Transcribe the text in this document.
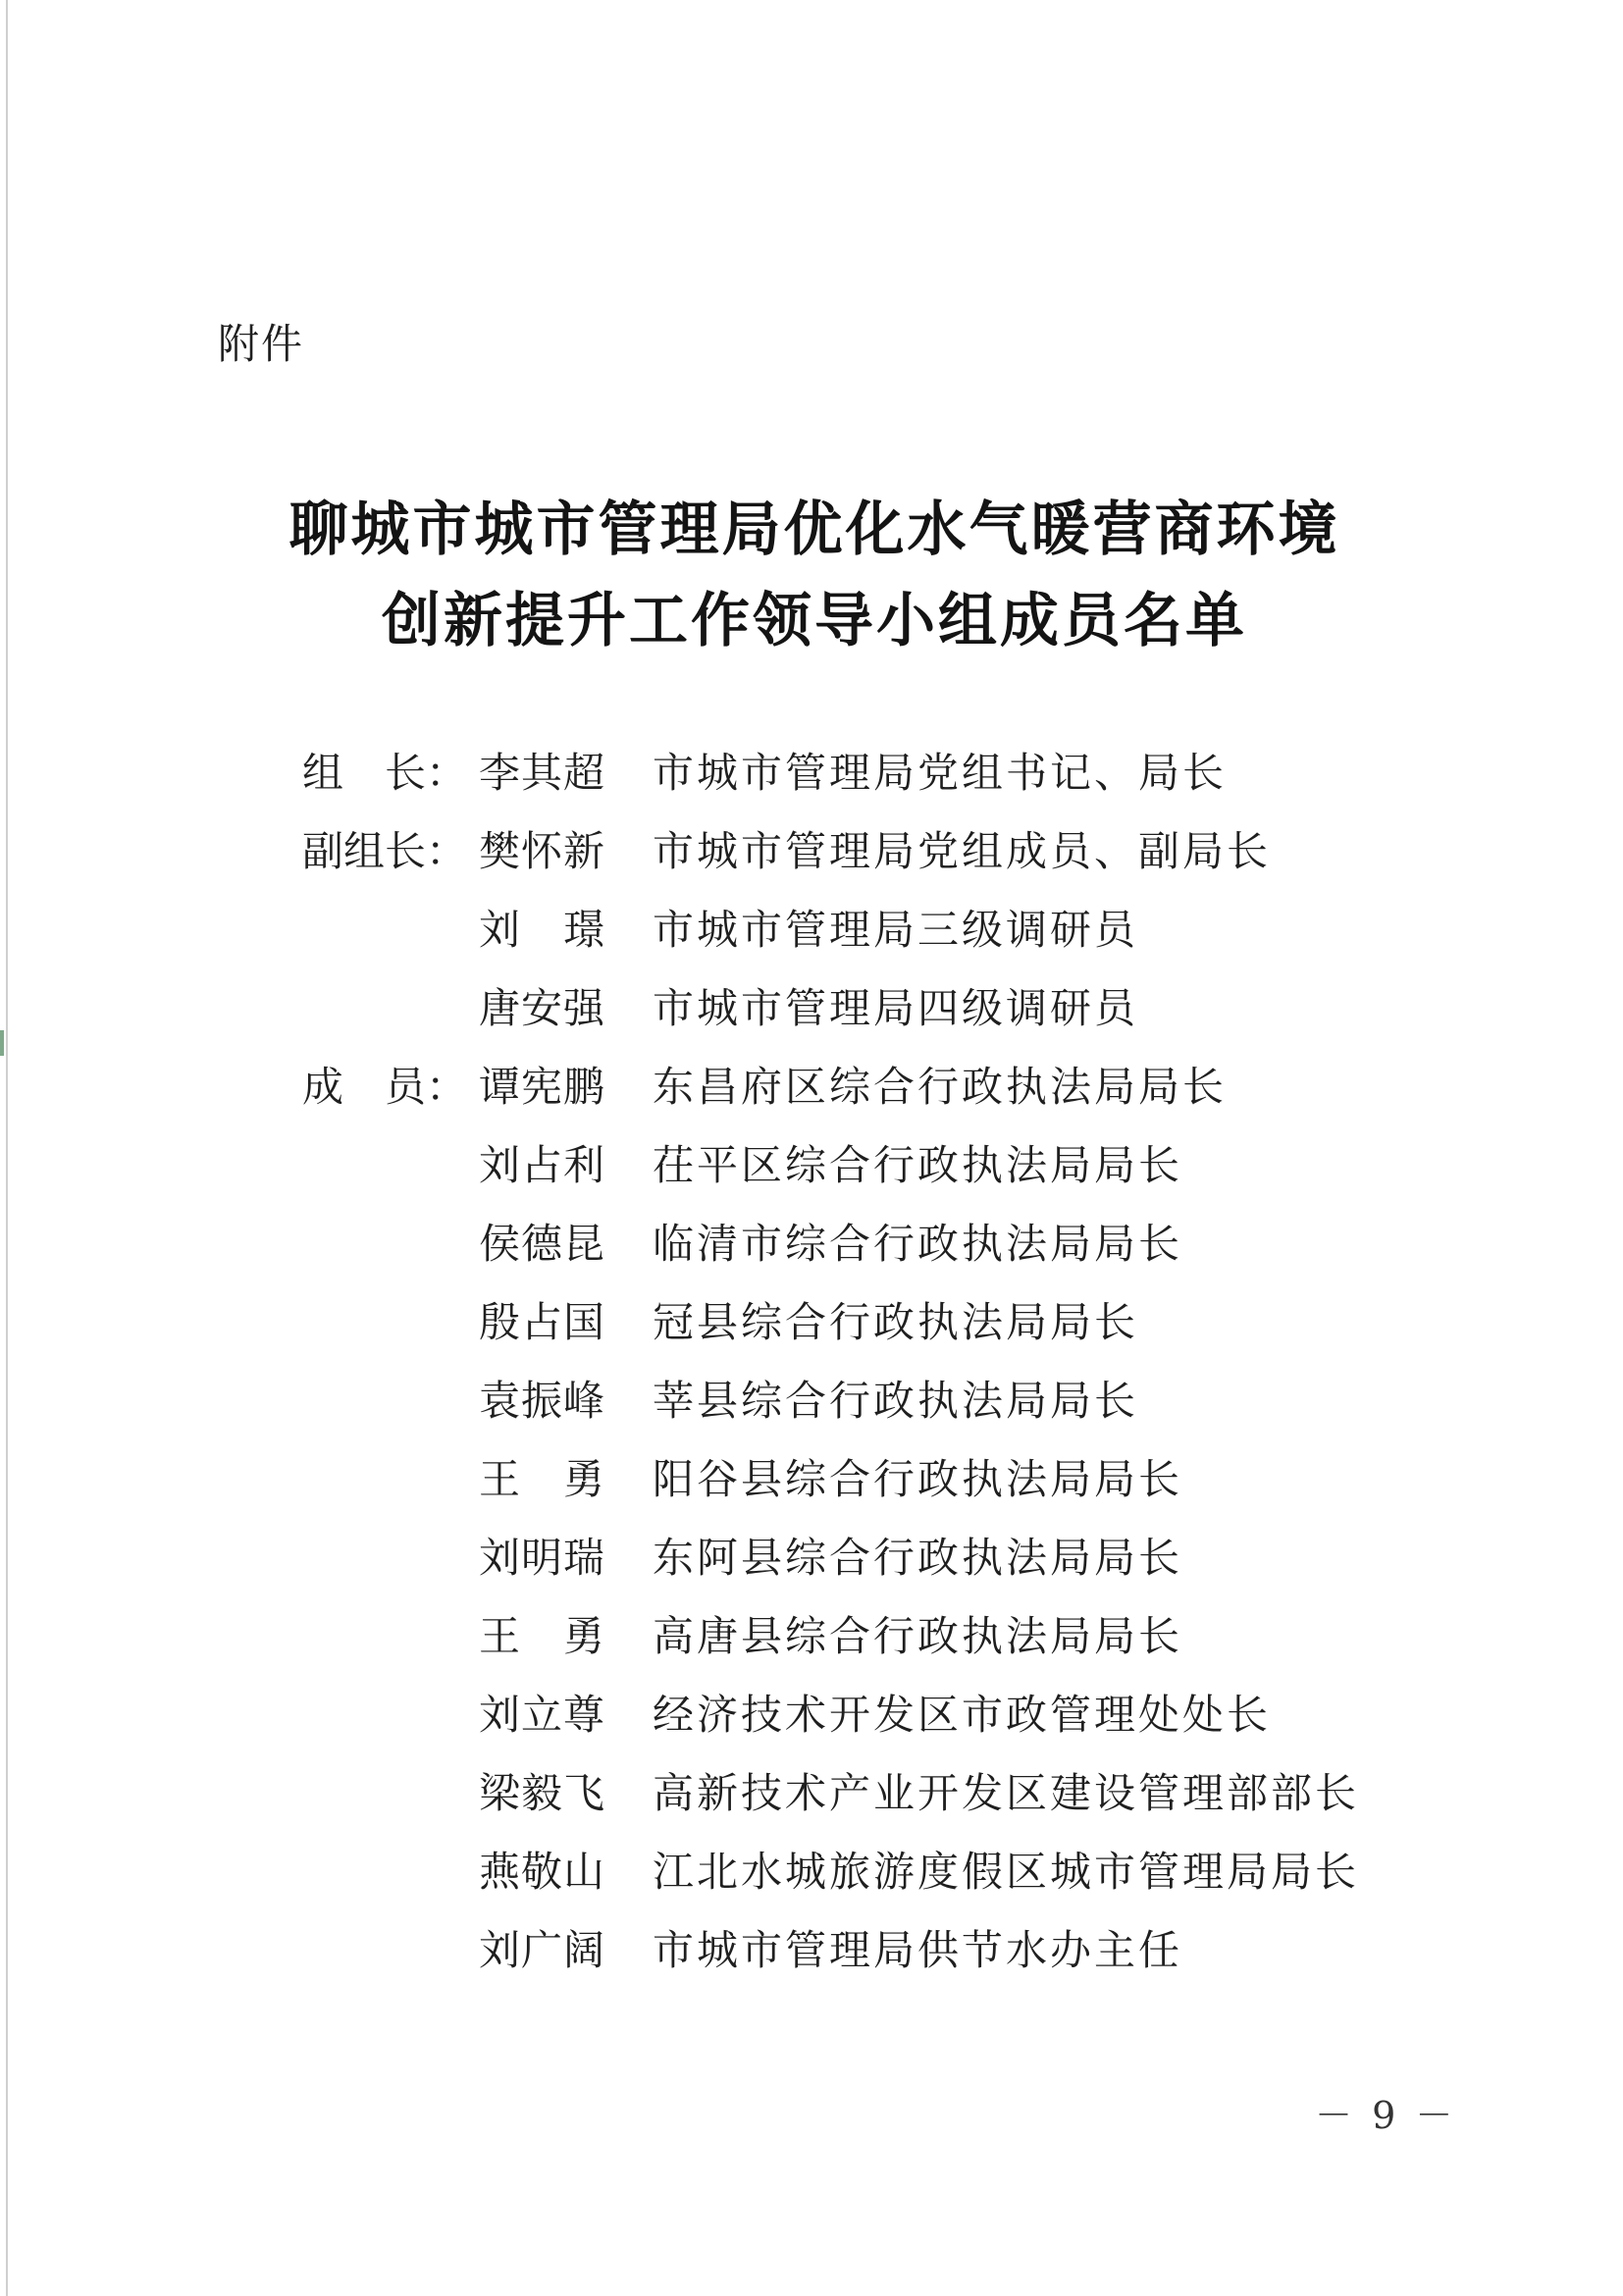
附件
聊城市城市管理局优化水气暖营商环境
创新提升工作领导小组成员名单
组　长： 李其超 市城市管理局党组书记、局长
副组长： 樊怀新 市城市管理局党组成员、副局长
刘　璟 市城市管理局三级调研员
唐安强 市城市管理局四级调研员
成　员： 谭宪鹏 东昌府区综合行政执法局局长
刘占利 茌平区综合行政执法局局长
侯德昆 临清市综合行政执法局局长
殷占国 冠县综合行政执法局局长
袁振峰 莘县综合行政执法局局长
王　勇 阳谷县综合行政执法局局长
刘明瑞 东阿县综合行政执法局局长
王　勇 高唐县综合行政执法局局长
刘立尊 经济技术开发区市政管理处处长
梁毅飞 高新技术产业开发区建设管理部部长
燕敬山 江北水城旅游度假区城市管理局局长
刘广阔 市城市管理局供节水办主任
－ 9 －
